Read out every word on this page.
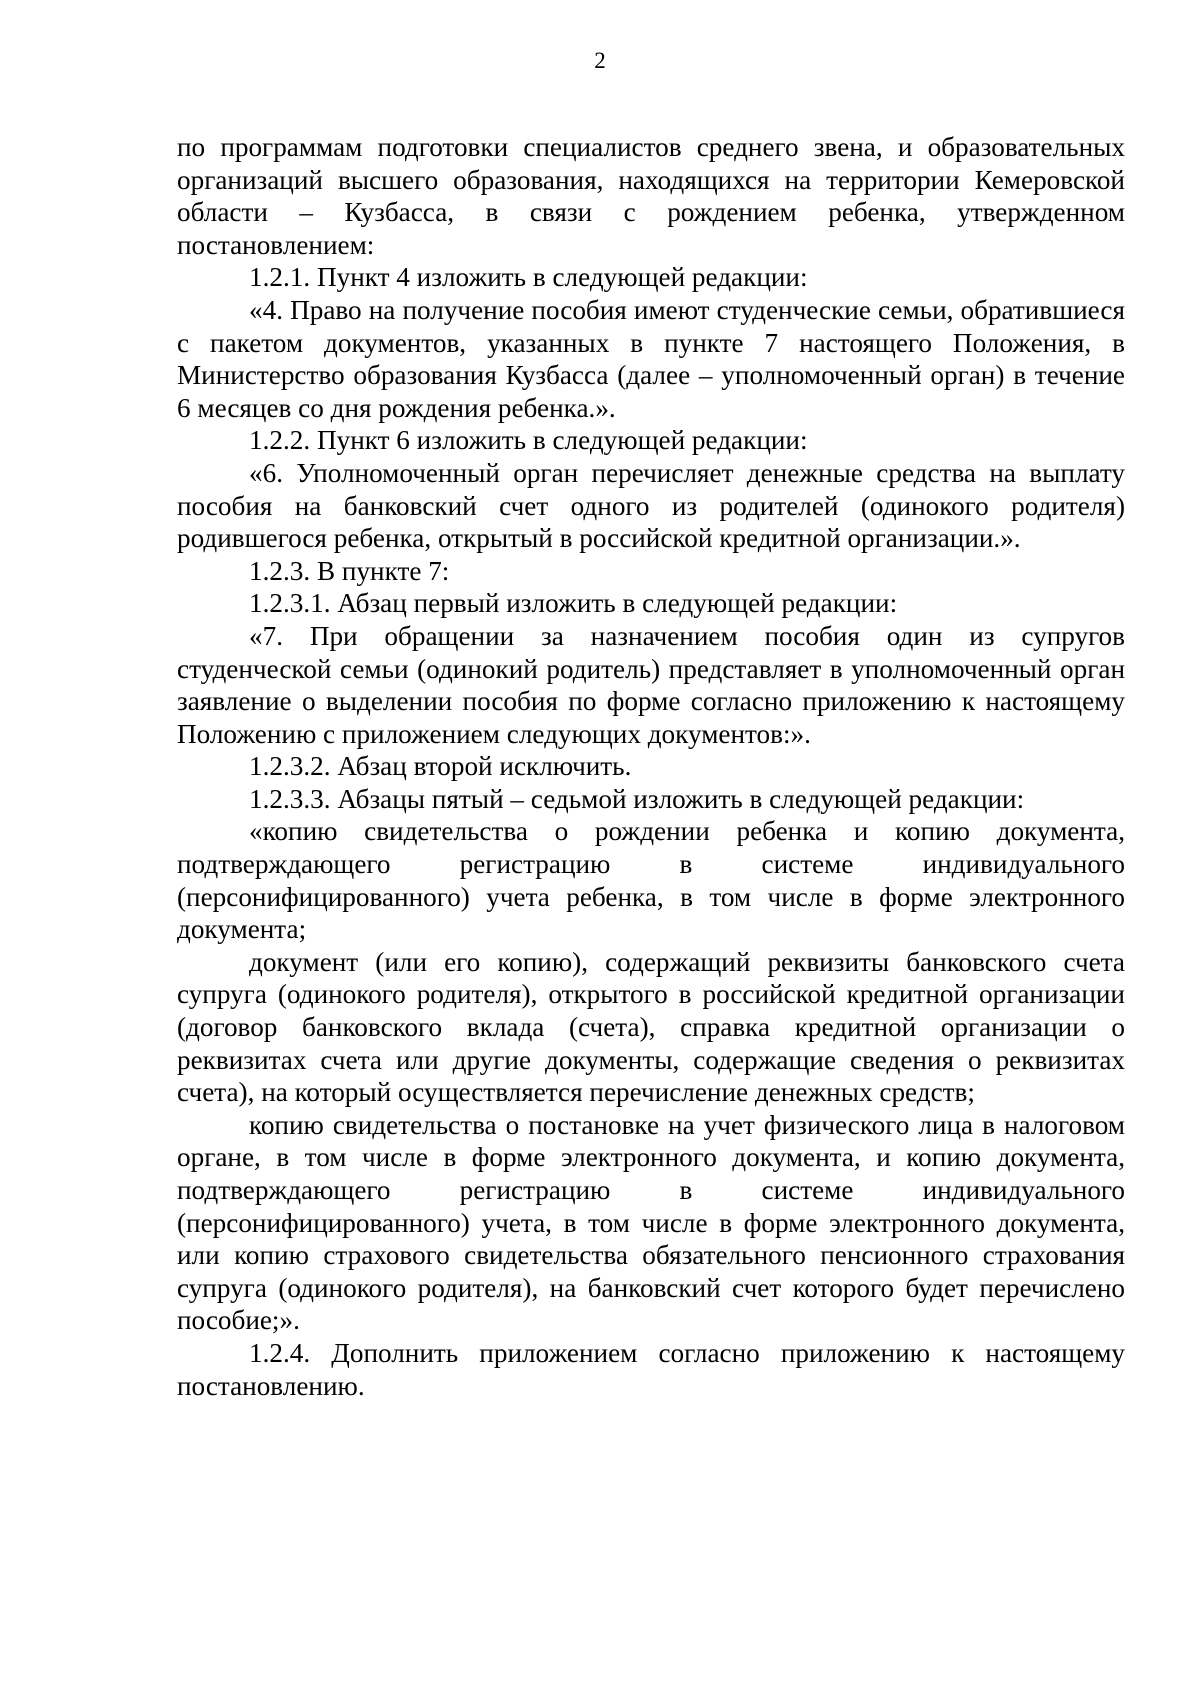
2

по программам подготовки специалистов среднего звена, и образовательных организаций высшего образования, находящихся на территории Кемеровской области – Кузбасса, в связи с рождением ребенка, утвержденном постановлением:

1.2.1. Пункт 4 изложить в следующей редакции:

«4. Право на получение пособия имеют студенческие семьи, обратившиеся с пакетом документов, указанных в пункте 7 настоящего Положения, в Министерство образования Кузбасса (далее – уполномоченный орган) в течение 6 месяцев со дня рождения ребенка.».

1.2.2. Пункт 6 изложить в следующей редакции:

«6. Уполномоченный орган перечисляет денежные средства на выплату пособия на банковский счет одного из родителей (одинокого родителя) родившегося ребенка, открытый в российской кредитной организации.».

1.2.3. В пункте 7:

1.2.3.1. Абзац первый изложить в следующей редакции:

«7. При обращении за назначением пособия один из супругов студенческой семьи (одинокий родитель) представляет в уполномоченный орган заявление о выделении пособия по форме согласно приложению к настоящему Положению с приложением следующих документов:».

1.2.3.2. Абзац второй исключить.

1.2.3.3. Абзацы пятый – седьмой изложить в следующей редакции:

«копию свидетельства о рождении ребенка и копию документа, подтверждающего регистрацию в системе индивидуального (персонифицированного) учета ребенка, в том числе в форме электронного документа;

документ (или его копию), содержащий реквизиты банковского счета супруга (одинокого родителя), открытого в российской кредитной организации (договор банковского вклада (счета), справка кредитной организации о реквизитах счета или другие документы, содержащие сведения о реквизитах счета), на который осуществляется перечисление денежных средств;

копию свидетельства о постановке на учет физического лица в налоговом органе, в том числе в форме электронного документа, и копию документа, подтверждающего регистрацию в системе индивидуального (персонифицированного) учета, в том числе в форме электронного документа, или копию страхового свидетельства обязательного пенсионного страхования супруга (одинокого родителя), на банковский счет которого будет перечислено пособие;».

1.2.4. Дополнить приложением согласно приложению к настоящему постановлению.
